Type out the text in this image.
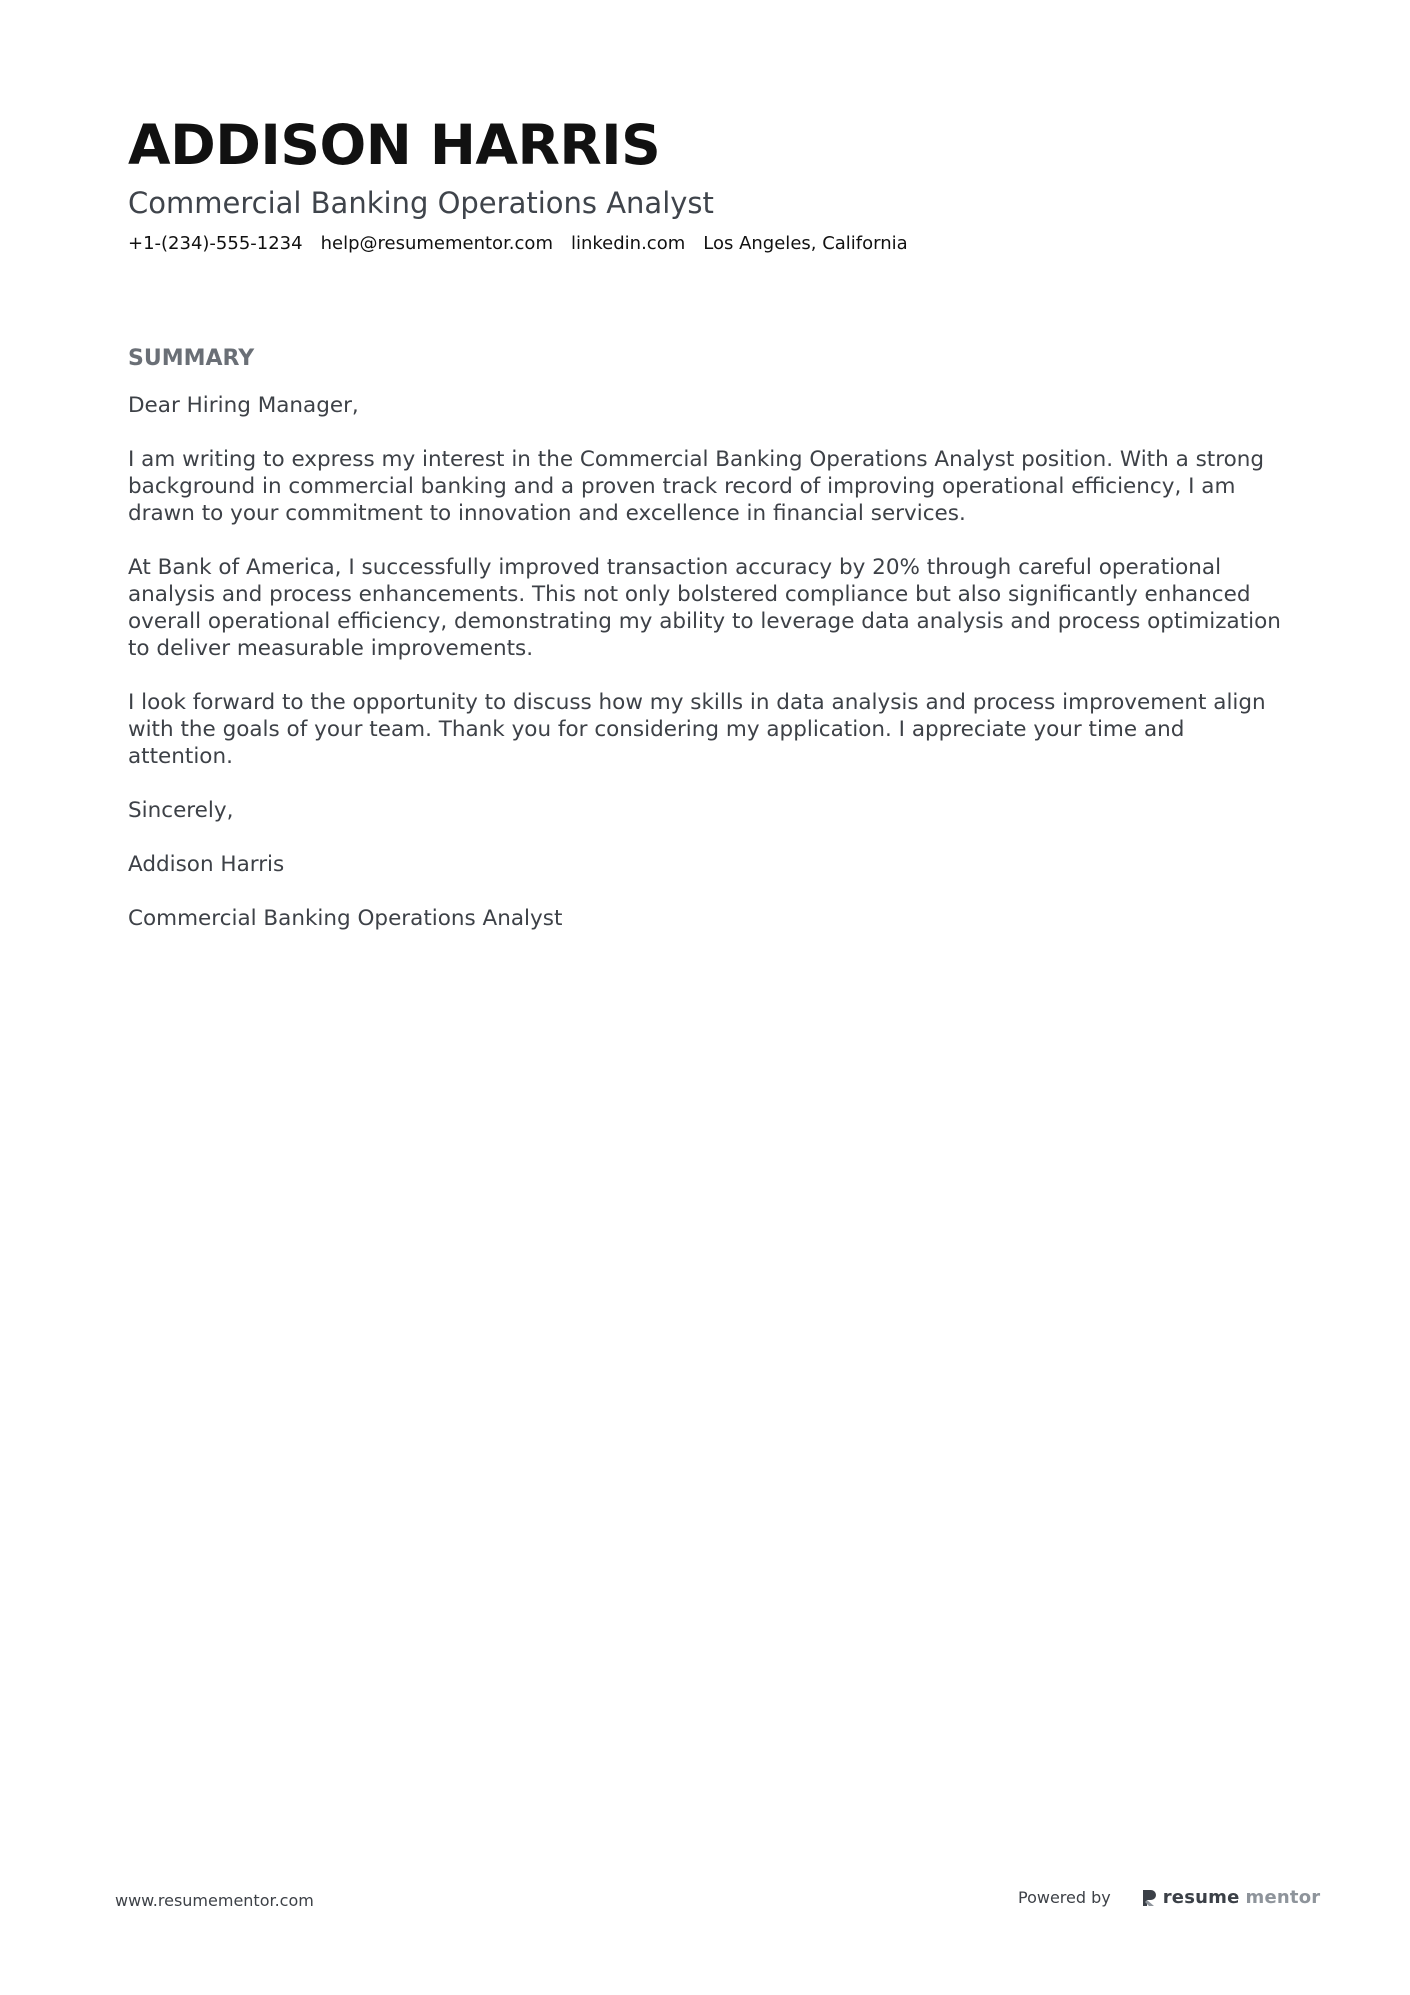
ADDISON HARRIS
Commercial Banking Operations Analyst
+1-(234)-555-1234 help@resumementor.com linkedin.com Los Angeles, California
SUMMARY

Dear Hiring Manager,

I am writing to express my interest in the Commercial Banking Operations Analyst position. With a strong background in commercial banking and a proven track record of improving operational efficiency, I am drawn to your commitment to innovation and excellence in financial services.

At Bank of America, I successfully improved transaction accuracy by 20% through careful operational analysis and process enhancements. This not only bolstered compliance but also significantly enhanced overall operational efficiency, demonstrating my ability to leverage data analysis and process optimization to deliver measurable improvements.

I look forward to the opportunity to discuss how my skills in data analysis and process improvement align with the goals of your team. Thank you for considering my application. I appreciate your time and attention.

Sincerely,

Addison Harris

Commercial Banking Operations Analyst

www.resumementor.com	Powered by	resume mentor
